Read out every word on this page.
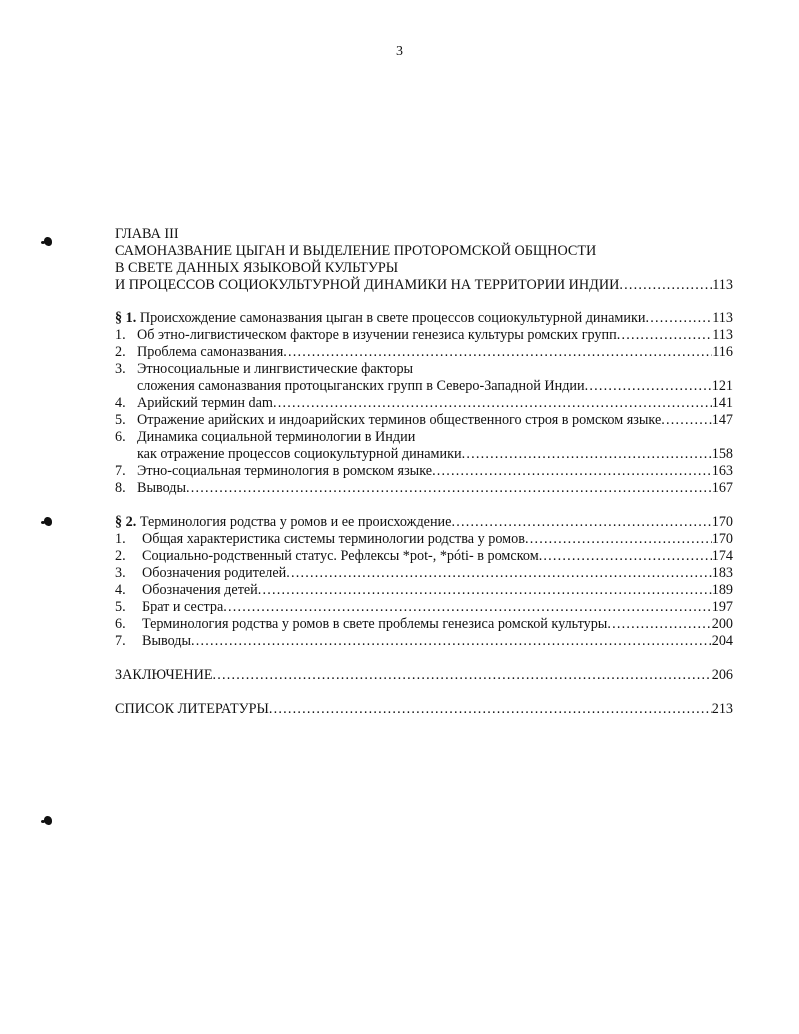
3
ГЛАВА III
САМОНАЗВАНИЕ ЦЫГАН И ВЫДЕЛЕНИЕ ПРОТОРОМСКОЙ ОБЩНОСТИ
В СВЕТЕ ДАННЫХ ЯЗЫКОВОЙ КУЛЬТУРЫ
И ПРОЦЕССОВ СОЦИОКУЛЬТУРНОЙ ДИНАМИКИ НА ТЕРРИТОРИИ ИНДИИ .....	113
§ 1. Происхождение самоназвания цыган в свете процессов социокультурной динамики .....	113
1. Об этно-лигвистическом факторе в изучении генезиса культуры ромских групп .....	113
2. Проблема самоназвания .....	116
3. Этносоциальные и лингвистические факторы
сложения самоназвания протоцыганских групп в Северо-Западной Индии .....	121
4. Арийский термин dam .....	141
5. Отражение арийских и индоарийских терминов общественного строя в ромском языке .....	147
6. Динамика социальной терминологии в Индии
как отражение процессов социокультурной динамики .....	158
7. Этно-социальная терминология в ромском языке .....	163
8. Выводы .....	167
§ 2. Терминология родства у ромов и ее происхождение .....	170
1.	Общая характеристика системы терминологии родства у ромов .....	170
2.	Социально-родственный статус. Рефлексы *pot-, *póti- в ромском .....	174
3.	Обозначения родителей .....	183
4.	Обозначения детей .....	189
5.	Брат и сестра .....	197
6.	Терминология родства у ромов в свете проблемы генезиса ромской культуры .....	200
7.	Выводы .....	204
ЗАКЛЮЧЕНИЕ .....	206
СПИСОК ЛИТЕРАТУРЫ .....	213
